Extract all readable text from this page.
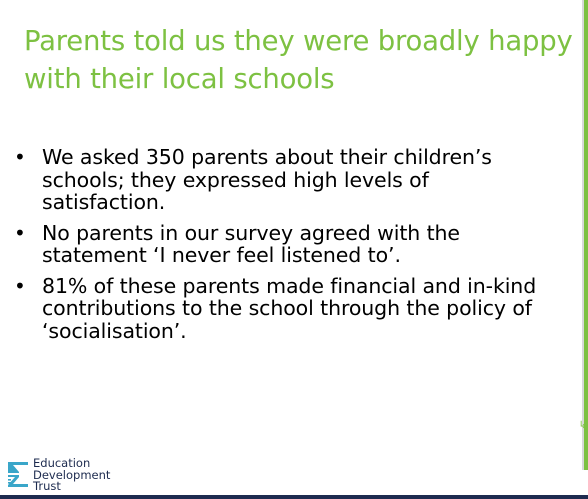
Parents told us they were broadly happy with their local schools
• We asked 350 parents about their children’s schools; they expressed high levels of satisfaction.
• No parents in our survey agreed with the statement ‘I never feel listened to’.
• 81% of these parents made financial and in-kind contributions to the school through the policy of ‘socialisation’.
↳
Education
Development
Trust
